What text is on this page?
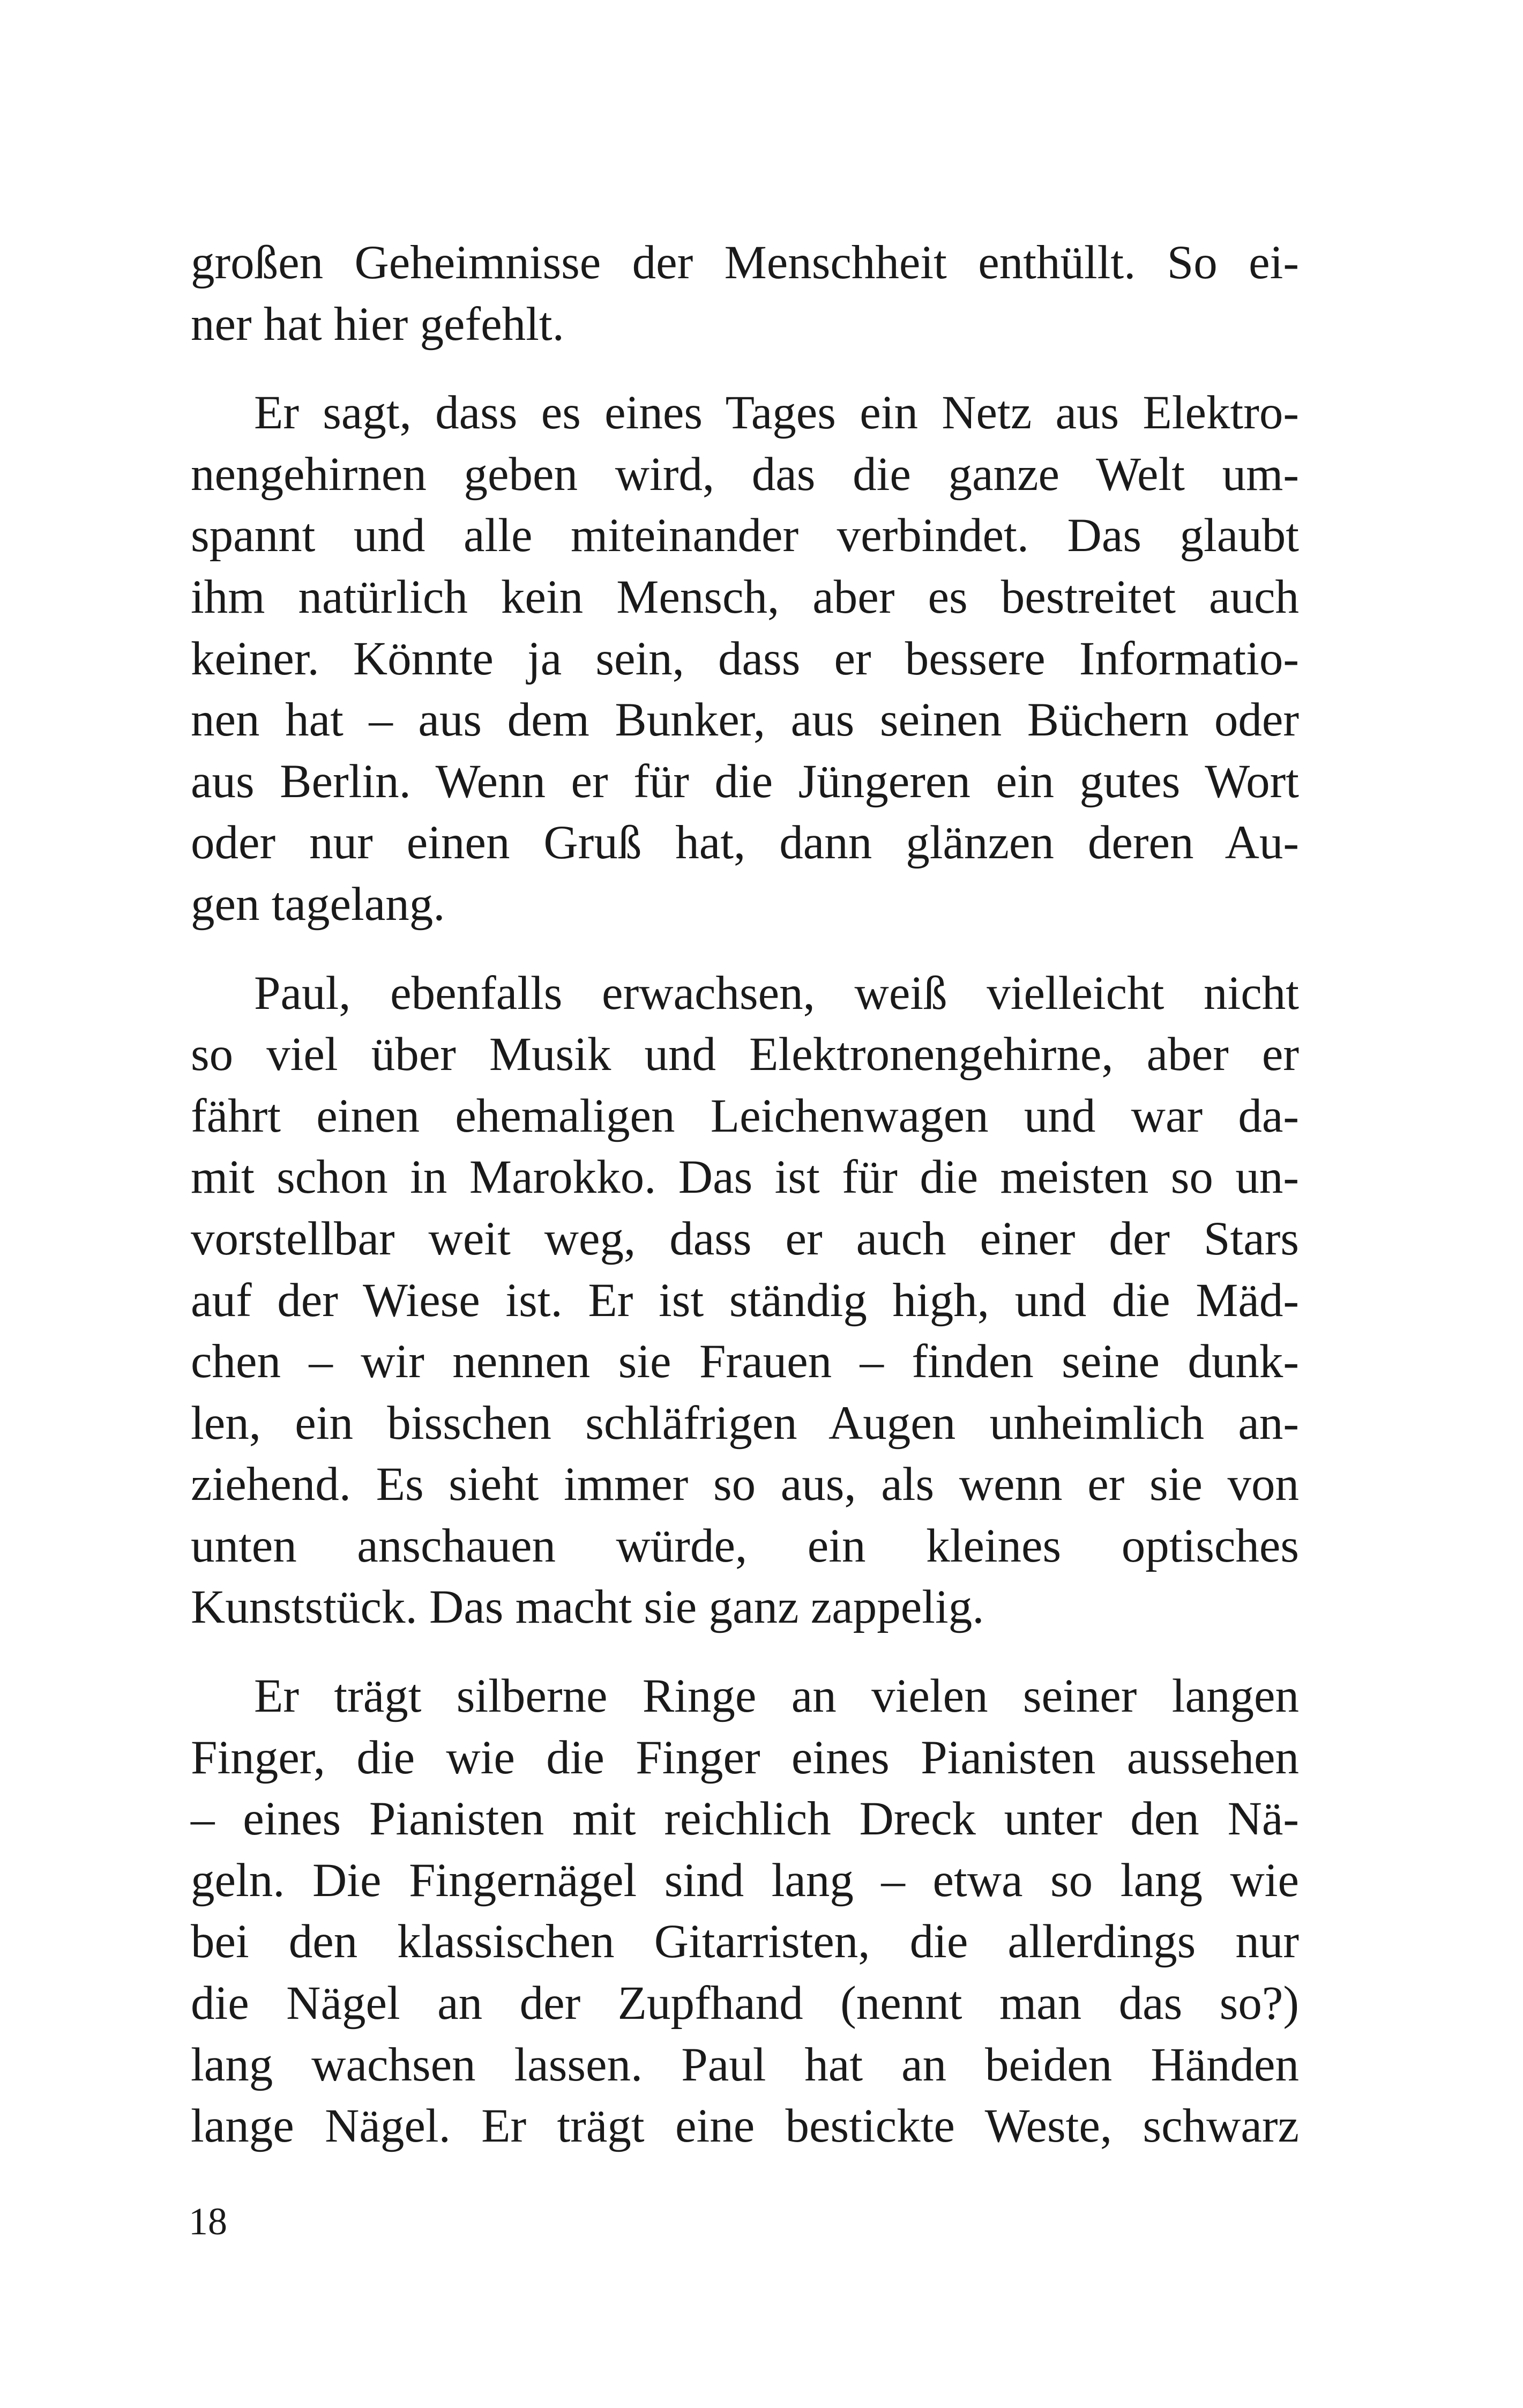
großen Geheimnisse der Menschheit enthüllt. So ei-
ner hat hier gefehlt.
Er sagt, dass es eines Tages ein Netz aus Elektro-
nengehirnen geben wird, das die ganze Welt um-
spannt und alle miteinander verbindet. Das glaubt
ihm natürlich kein Mensch, aber es bestreitet auch
keiner. Könnte ja sein, dass er bessere Informatio-
nen hat – aus dem Bunker, aus seinen Büchern oder
aus Berlin. Wenn er für die Jüngeren ein gutes Wort
oder nur einen Gruß hat, dann glänzen deren Au-
gen tagelang.
Paul, ebenfalls erwachsen, weiß vielleicht nicht
so viel über Musik und Elektronengehirne, aber er
fährt einen ehemaligen Leichenwagen und war da-
mit schon in Marokko. Das ist für die meisten so un-
vorstellbar weit weg, dass er auch einer der Stars
auf der Wiese ist. Er ist ständig high, und die Mäd-
chen – wir nennen sie Frauen – finden seine dunk-
len, ein bisschen schläfrigen Augen unheimlich an-
ziehend. Es sieht immer so aus, als wenn er sie von
unten anschauen würde, ein kleines optisches
Kunststück. Das macht sie ganz zappelig.
Er trägt silberne Ringe an vielen seiner langen
Finger, die wie die Finger eines Pianisten aussehen
– eines Pianisten mit reichlich Dreck unter den Nä-
geln. Die Fingernägel sind lang – etwa so lang wie
bei den klassischen Gitarristen, die allerdings nur
die Nägel an der Zupfhand (nennt man das so?)
lang wachsen lassen. Paul hat an beiden Händen
lange Nägel. Er trägt eine bestickte Weste, schwarz
18
